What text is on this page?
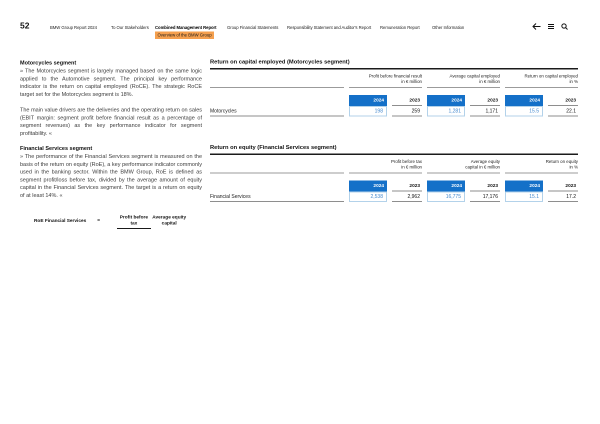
52 BMW Group Report 2024 To Our Stakeholders Combined Management Report Group Financial Statements Responsibility Statement and Auditor's Report Remuneration Report Other Information
Overview of the BMW Group
Motorcycles segment

» The Motorcycles segment is largely managed based on the same logic applied to the Automotive segment. The principal key performance indicator is the return on capital employed (RoCE). The strategic RoCE target set for the Motorcycles segment is 18%.

The main value drivers are the deliveries and the operating return on sales (EBIT margin: segment profit before financial result as a percentage of segment revenues) as the key performance indicator for segment profitability. «

Financial Services segment

» The performance of the Financial Services segment is measured on the basis of the return on equity (RoE), a key performance indicator commonly used in the banking sector. Within the BMW Group, RoE is defined as segment profit/loss before tax, divided by the average amount of equity capital in the Financial Services segment. The target is a return on equity of at least 14%. «

RoE Financial Services =
Profit before tax Average equity capital
Return on capital employed (Motorcycles segment)
Profit before financial result
in € million
Average capital employed
in € million
Return on capital employed
in %
2024	2023	2024	2023	2024	2023
Motorcycles	198	259	1,281	1,171	15.5	22.1
Return on equity (Financial Services segment)
Profit before tax
in € million
Average equity
capital in € million
Return on equity
in %
2024	2023	2024	2023	2024	2023
Financial Services	2,538	2,962	16,775	17,176	15.1	17.2
